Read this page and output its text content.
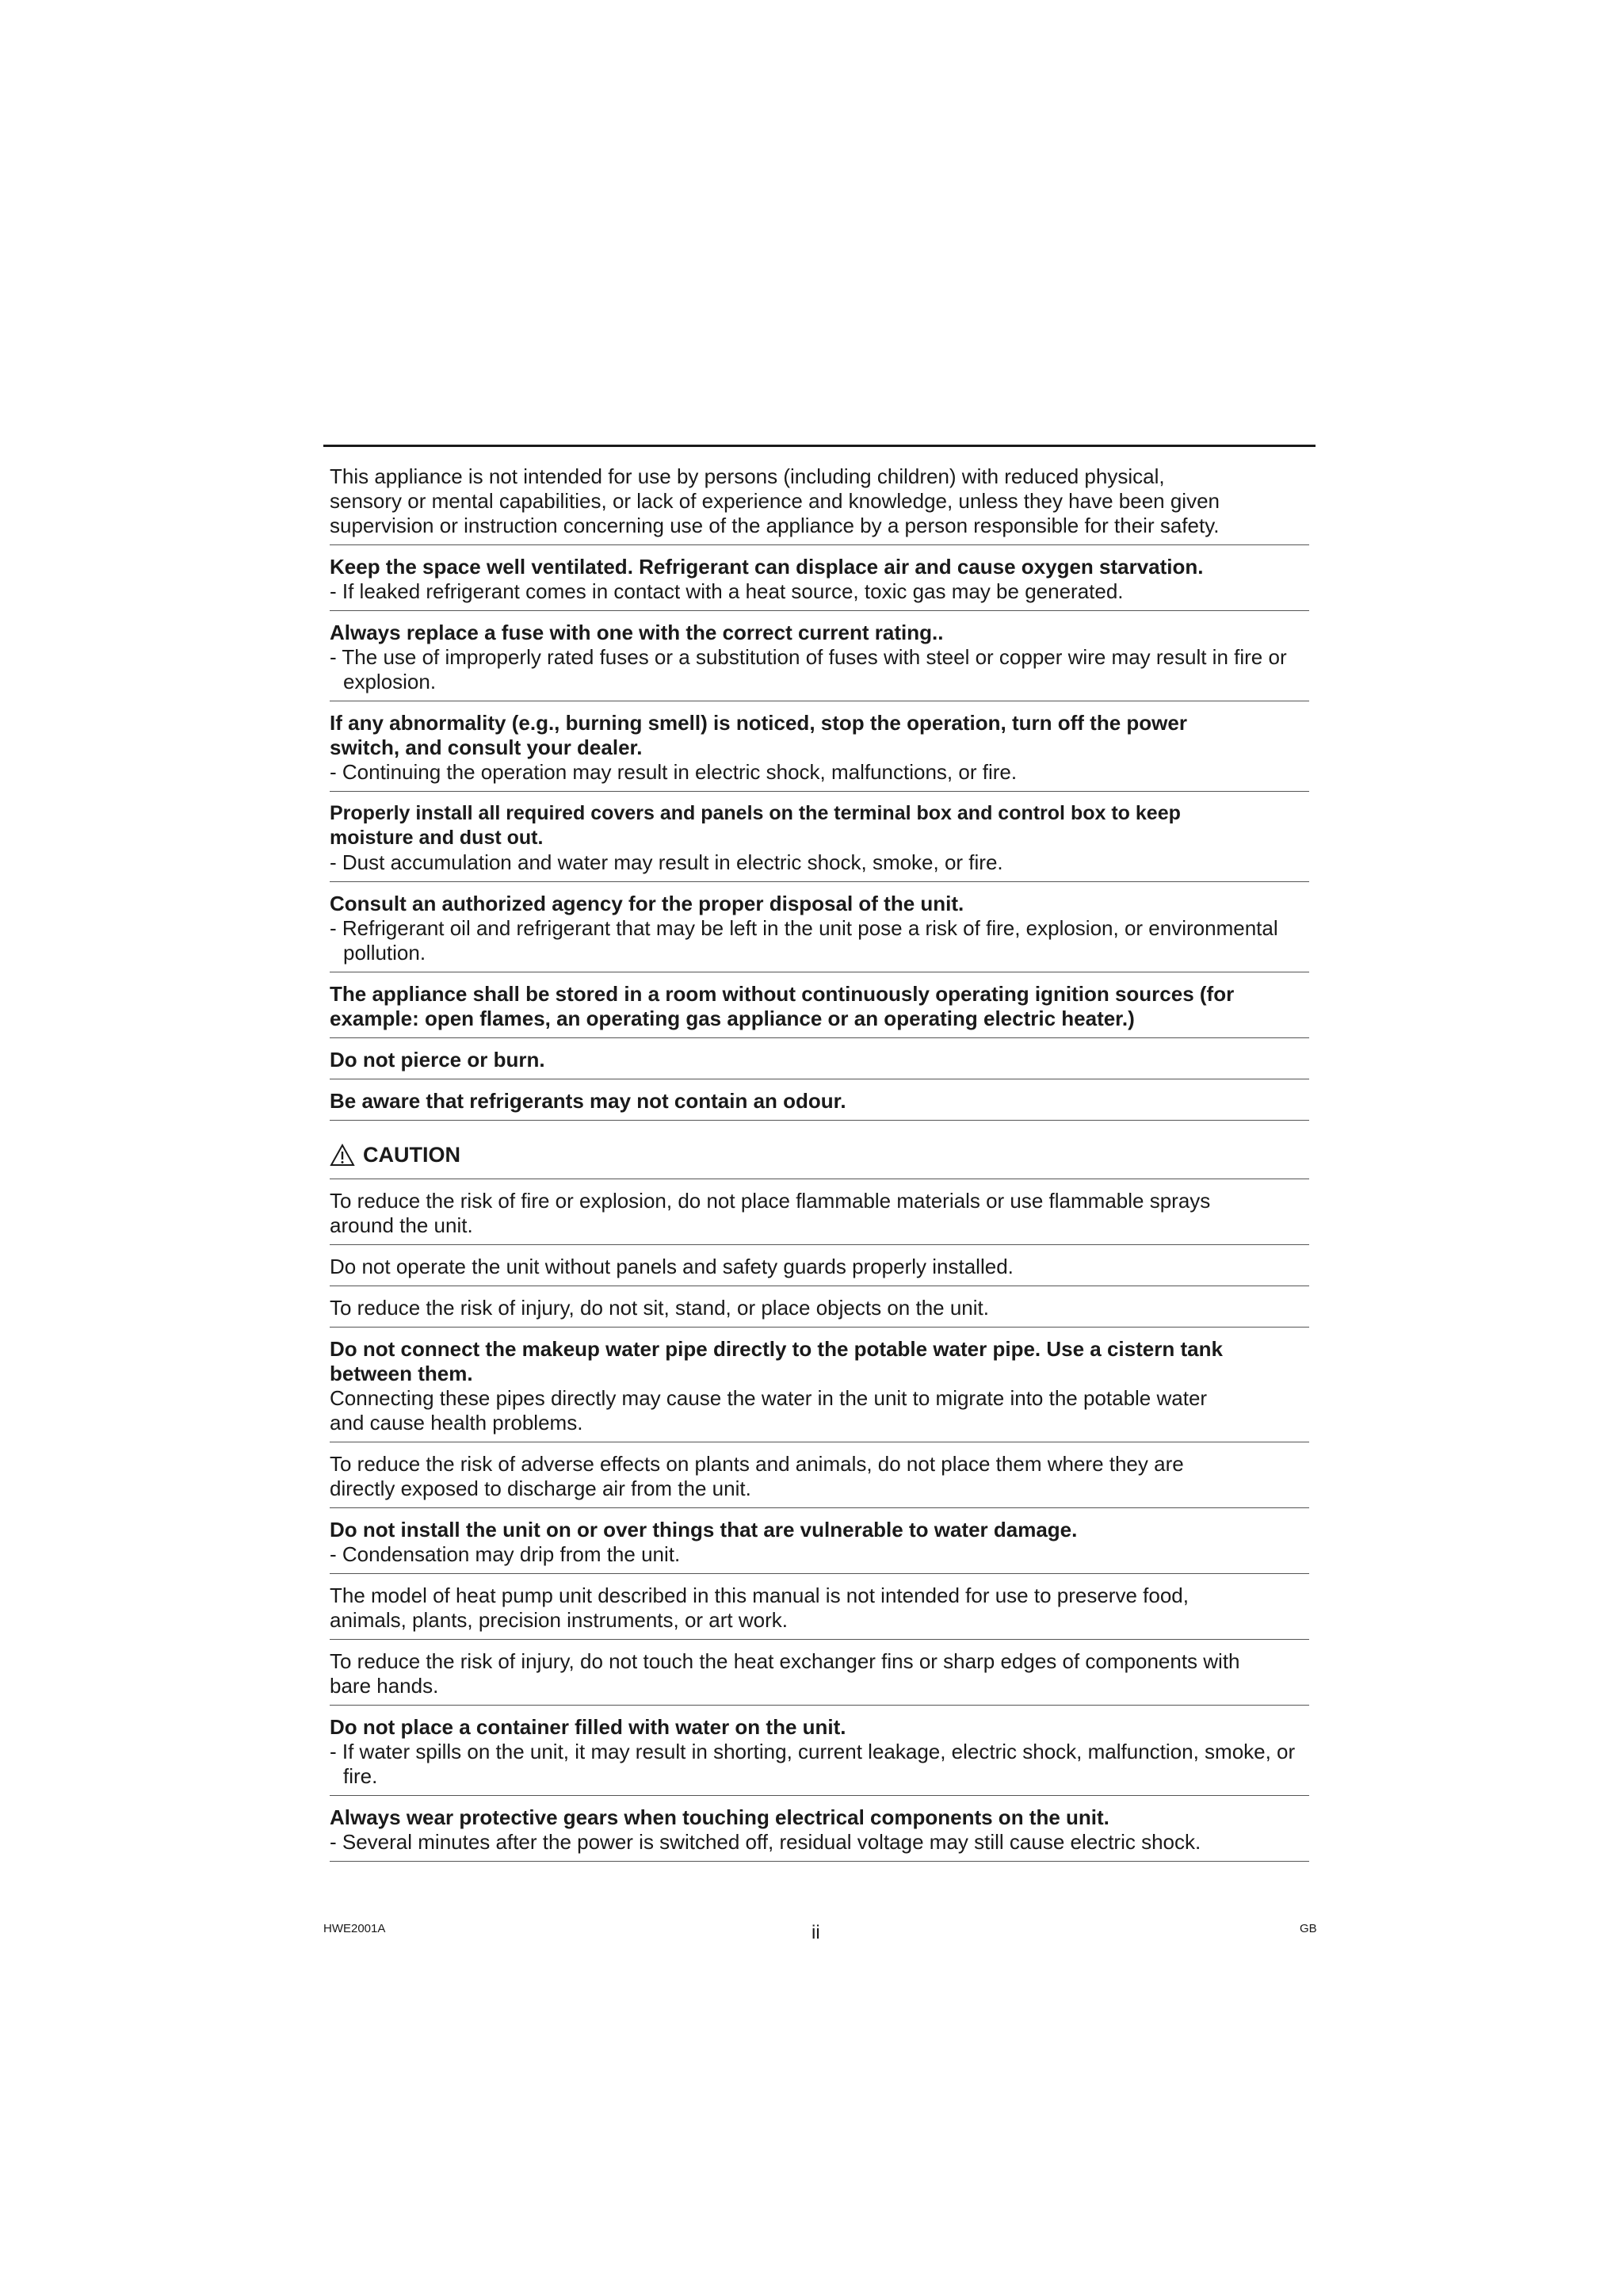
This appliance is not intended for use by persons (including children) with reduced physical,

sensory or mental capabilities, or lack of experience and knowledge, unless they have been given

supervision or instruction concerning use of the appliance by a person responsible for their safety.

Keep the space well ventilated. Refrigerant can displace air and cause oxygen starvation.

- If leaked refrigerant comes in contact with a heat source, toxic gas may be generated.

Always replace a fuse with one with the correct current rating..

- The use of improperly rated fuses or a substitution of fuses with steel or copper wire may result in fire or explosion.

If any abnormality (e.g., burning smell) is noticed, stop the operation, turn off the power

switch, and consult your dealer.

- Continuing the operation may result in electric shock, malfunctions, or fire.

Properly install all required covers and panels on the terminal box and control box to keep

moisture and dust out.

- Dust accumulation and water may result in electric shock, smoke, or fire.

Consult an authorized agency for the proper disposal of the unit.

- Refrigerant oil and refrigerant that may be left in the unit pose a risk of fire, explosion, or environmental pollution.

The appliance shall be stored in a room without continuously operating ignition sources (for

example: open flames, an operating gas appliance or an operating electric heater.)

Do not pierce or burn.

Be aware that refrigerants may not contain an odour.

CAUTION

To reduce the risk of fire or explosion, do not place flammable materials or use flammable sprays

around the unit.

Do not operate the unit without panels and safety guards properly installed.

To reduce the risk of injury, do not sit, stand, or place objects on the unit.

Do not connect the makeup water pipe directly to the potable water pipe. Use a cistern tank

between them.

Connecting these pipes directly may cause the water in the unit to migrate into the potable water

and cause health problems.

To reduce the risk of adverse effects on plants and animals, do not place them where they are

directly exposed to discharge air from the unit.

Do not install the unit on or over things that are vulnerable to water damage.

- Condensation may drip from the unit.

The model of heat pump unit described in this manual is not intended for use to preserve food,

animals, plants, precision instruments, or art work.

To reduce the risk of injury, do not touch the heat exchanger fins or sharp edges of components with

bare hands.

Do not place a container filled with water on the unit.

- If water spills on the unit, it may result in shorting, current leakage, electric shock, malfunction, smoke, or fire.

Always wear protective gears when touching electrical components on the unit.

- Several minutes after the power is switched off, residual voltage may still cause electric shock.

HWE2001A	ii	GB
